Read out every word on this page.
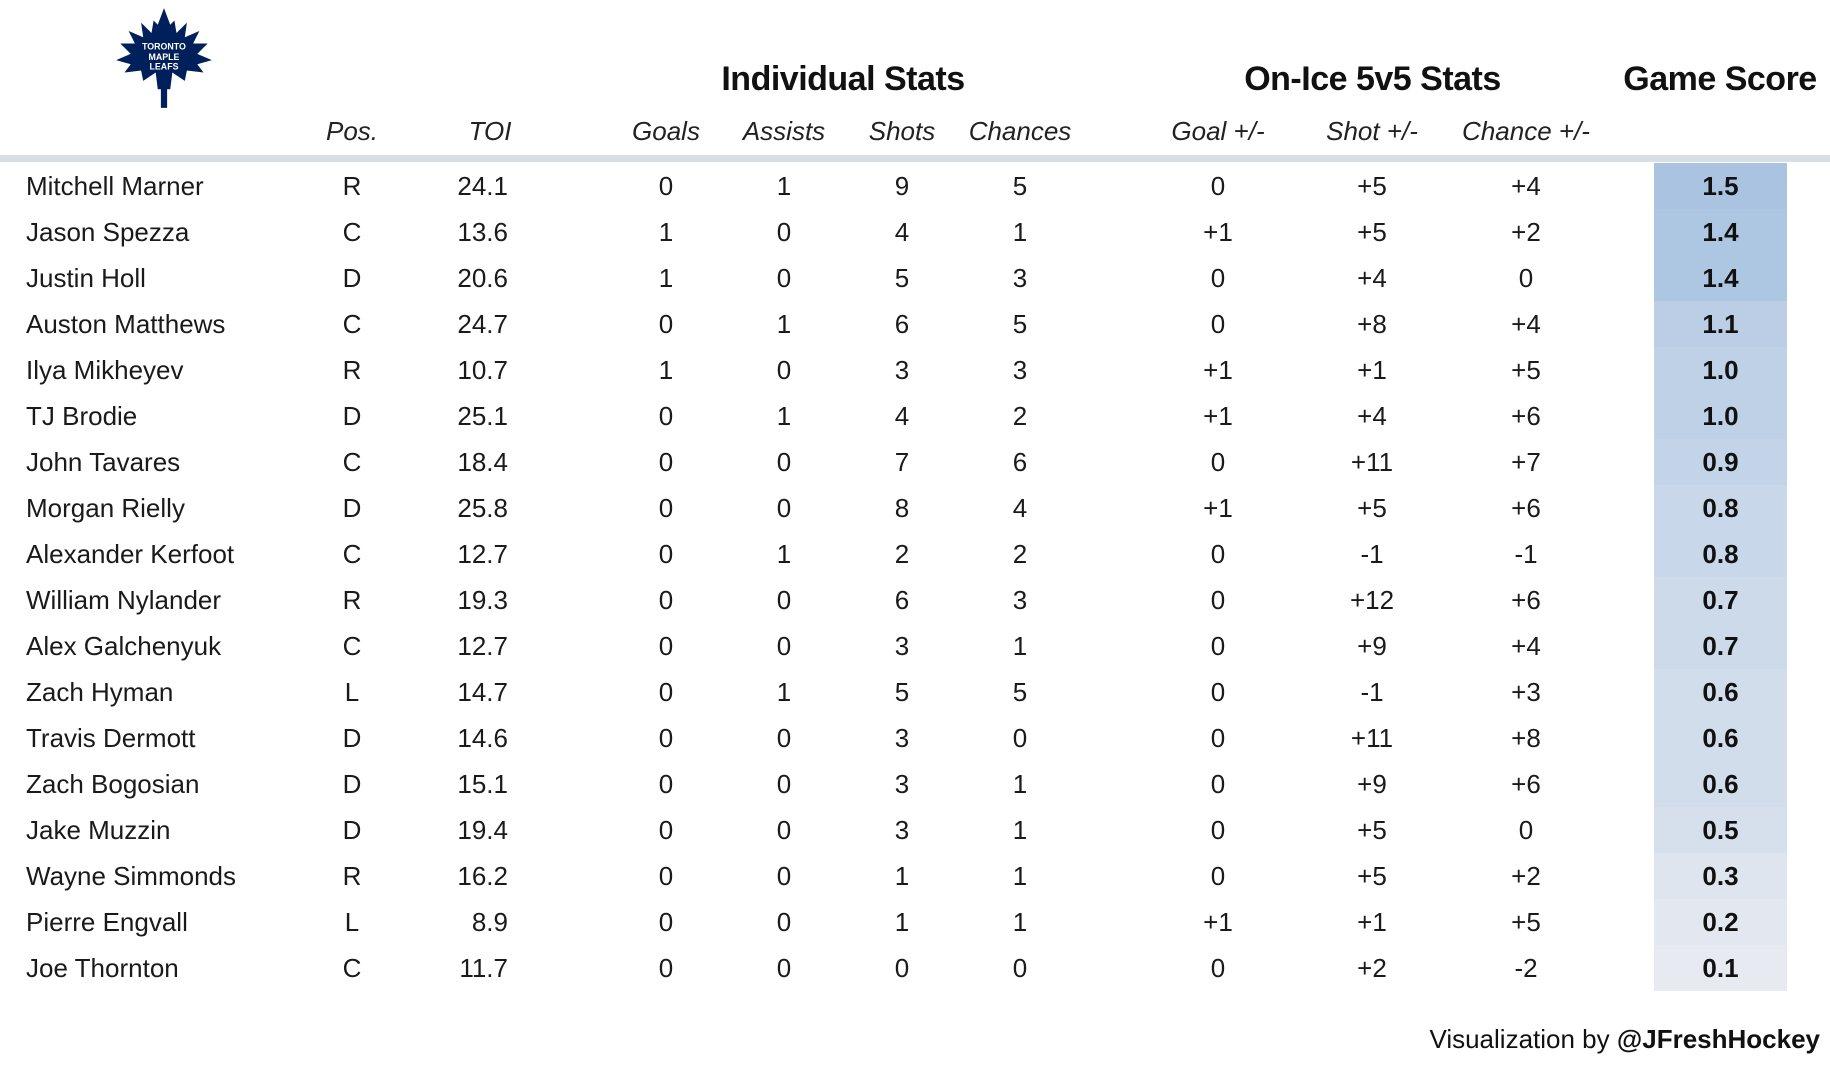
TORONTO
MAPLE
LEAFS	Individual Stats	On-Ice 5v5 Stats	Game Score
Pos.	TOI	Goals Assists Shots Chances	Goal +/- Shot +/- Chance +/-
Mitchell Marner	R	24.1	0	1	9	5	0	+5	+4	1.5
Jason Spezza	C	13.6	1	0	4	1	+1	+5	+2	1.4
Justin Holl	D	20.6	1	0	5	3	0	+4	0	1.4
Auston Matthews	C	24.7	0	1	6	5	0	+8	+4	1.1
Ilya Mikheyev	R	10.7	1	0	3	3	+1	+1	+5	1.0
TJ Brodie	D	25.1	0	1	4	2	+1	+4	+6	1.0
John Tavares	C	18.4	0	0	7	6	0	+11	+7	0.9
Morgan Rielly	D	25.8	0	0	8	4	+1	+5	+6	0.8
Alexander Kerfoot	C	12.7	0	1	2	2	0	-1	-1	0.8
William Nylander	R	19.3	0	0	6	3	0	+12	+6	0.7
Alex Galchenyuk	C	12.7	0	0	3	1	0	+9	+4	0.7
Zach Hyman	L	14.7	0	1	5	5	0	-1	+3	0.6
Travis Dermott	D	14.6	0	0	3	0	0	+11	+8	0.6
Zach Bogosian	D	15.1	0	0	3	1	0	+9	+6	0.6
Jake Muzzin	D	19.4	0	0	3	1	0	+5	0	0.5
Wayne Simmonds	R	16.2	0	0	1	1	0	+5	+2	0.3
Pierre Engvall	L	8.9	0	0	1	1	+1	+1	+5	0.2
Joe Thornton	C	11.7	0	0	0	0	0	+2	-2	0.1
Visualization by @JFreshHockey
